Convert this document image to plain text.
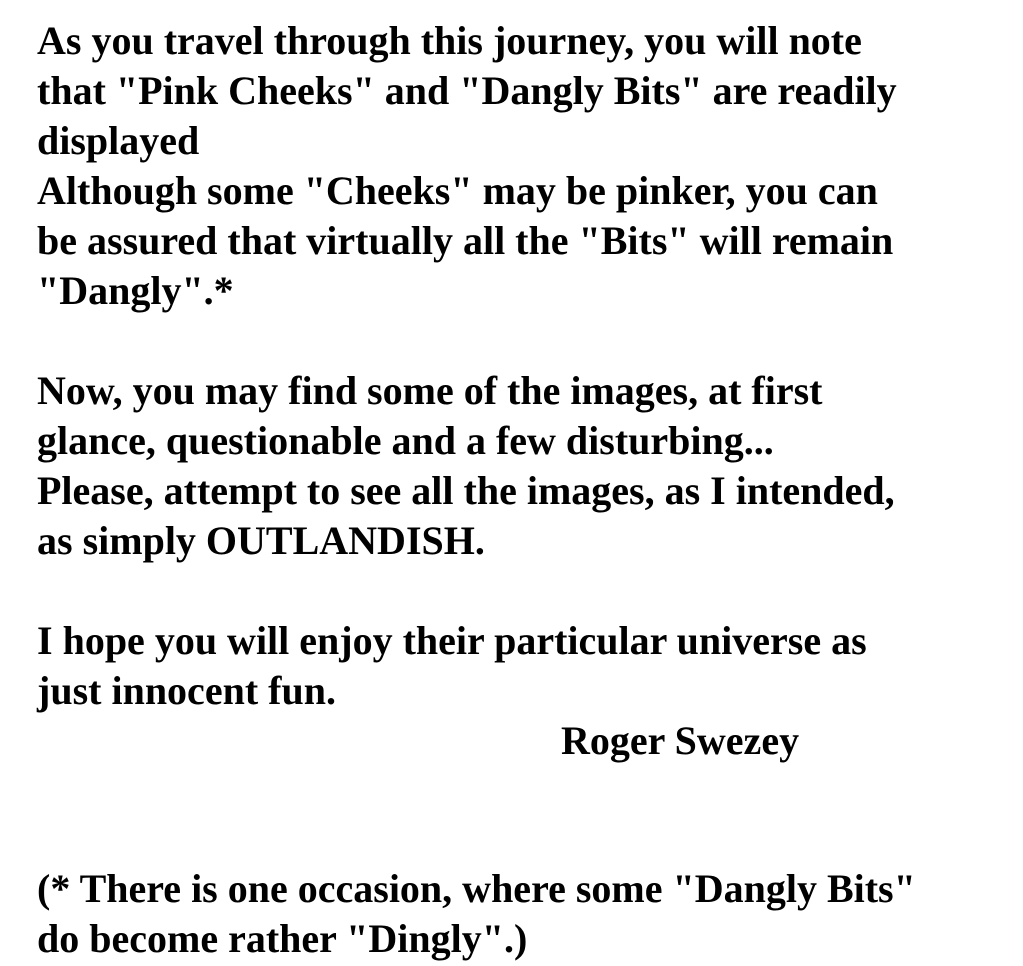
As you travel through this journey, you will note

that "Pink Cheeks" and "Dangly Bits" are readily

displayed

Although some "Cheeks" may be pinker, you can

be assured that virtually all the "Bits" will remain

"Dangly".*

Now, you may find some of the images, at first

glance, questionable and a few disturbing...

Please, attempt to see all the images, as I intended,

as simply OUTLANDISH.

I hope you will enjoy their particular universe as

just innocent fun.

Roger Swezey

(* There is one occasion, where some "Dangly Bits"

do become rather "Dingly".)
